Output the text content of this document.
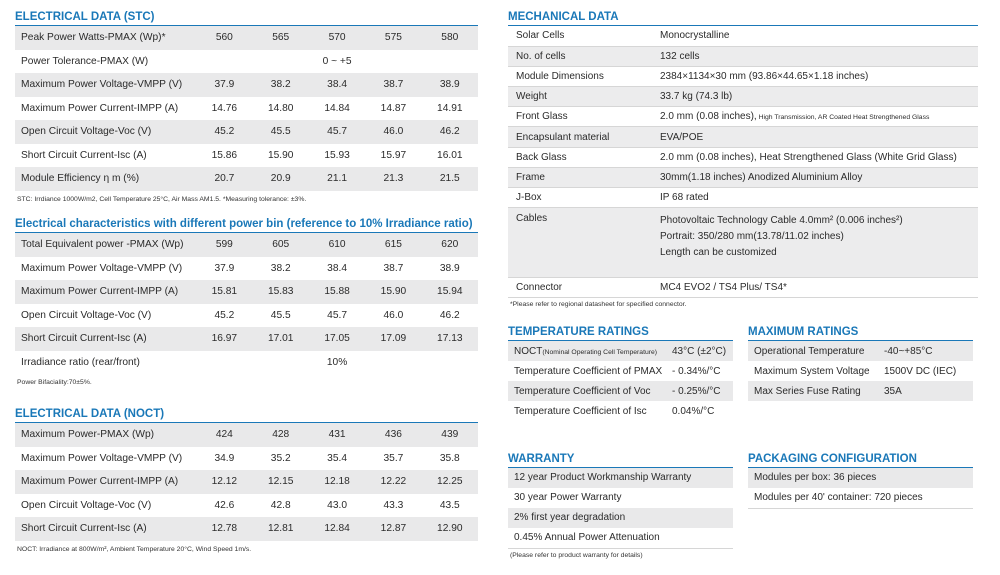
ELECTRICAL DATA (STC)
Peak Power Watts-PMAX (Wp)*	560	565	570	575	580
Power Tolerance-PMAX (W)	0 ~ +5				
Maximum Power Voltage-VMPP (V)	37.9	38.2	38.4	38.7	38.9
Maximum Power Current-IMPP (A)	14.76	14.80	14.84	14.87	14.91
Open Circuit Voltage-Voc (V)	45.2	45.5	45.7	46.0	46.2
Short Circuit Current-Isc (A)	15.86	15.90	15.93	15.97	16.01
Module Efficiency η m (%)	20.7	20.9	21.1	21.3	21.5
STC: Irrdiance 1000W/m2, Cell Temperature 25°C, Air Mass AM1.5. *Measuring tolerance: ±3%.
Electrical characteristics with different power bin (reference to 10% Irradiance ratio)
Total Equivalent power -PMAX (Wp)	599	605	610	615	620
Maximum Power Voltage-VMPP (V)	37.9	38.2	38.4	38.7	38.9
Maximum Power Current-IMPP (A)	15.81	15.83	15.88	15.90	15.94
Open Circuit Voltage-Voc (V)	45.2	45.5	45.7	46.0	46.2
Short Circuit Current-Isc (A)	16.97	17.01	17.05	17.09	17.13
Irradiance ratio (rear/front)	10%				
Power Bifaciality:70±5%.
ELECTRICAL DATA (NOCT)
Maximum Power-PMAX (Wp)	424	428	431	436	439
Maximum Power Voltage-VMPP (V)	34.9	35.2	35.4	35.7	35.8
Maximum Power Current-IMPP (A)	12.12	12.15	12.18	12.22	12.25
Open Circuit Voltage-Voc (V)	42.6	42.8	43.0	43.3	43.5
Short Circuit Current-Isc (A)	12.78	12.81	12.84	12.87	12.90
NOCT: Irradiance at 800W/m², Ambient Temperature 20°C, Wind Speed 1m/s.
MECHANICAL DATA
Solar Cells	Monocrystalline
No. of cells	132 cells
Module Dimensions	2384×1134×30 mm (93.86×44.65×1.18 inches)
Weight	33.7 kg (74.3 lb)
Front Glass	2.0 mm (0.08 inches), High Transmission, AR Coated Heat Strengthened Glass
Encapsulant material	EVA/POE
Back Glass	2.0 mm (0.08 inches), Heat Strengthened Glass (White Grid Glass)
Frame	30mm(1.18 inches) Anodized Aluminium Alloy
J-Box	IP 68 rated
Cables	Photovoltaic Technology Cable 4.0mm² (0.006 inches²)
Portrait: 350/280 mm(13.78/11.02 inches)
Length can be customized

Connector	MC4 EVO2 / TS4 Plus/ TS4*
*Please refer to regional datasheet for specified connector.
TEMPERATURE RATINGS
NOCT(Nominal Operating Cell Temperature)	43°C (±2°C)
Temperature Coefficient of PMAX	- 0.34%/°C
Temperature Coefficient of Voc	- 0.25%/°C
Temperature Coefficient of Isc	0.04%/°C
MAXIMUM RATINGS
Operational Temperature	-40~+85°C
Maximum System Voltage	1500V DC (IEC)
Max Series Fuse Rating	35A
WARRANTY
12 year Product Workmanship Warranty
30 year Power Warranty
2% first year degradation
0.45% Annual Power Attenuation
(Please refer to product warranty for details)
PACKAGING CONFIGURATION
Modules per box: 36 pieces
Modules per 40' container: 720 pieces
